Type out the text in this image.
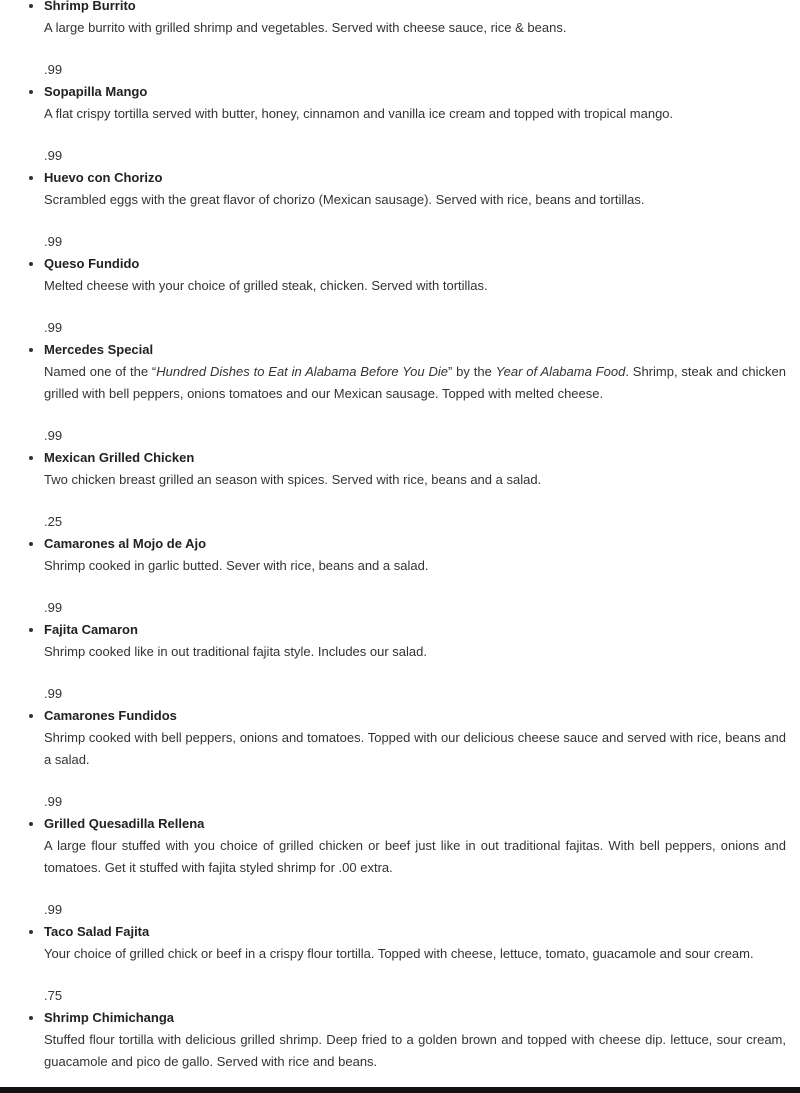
• Shrimp Burrito
A large burrito with grilled shrimp and vegetables. Served with cheese sauce, rice & beans.
.99
• Sopapilla Mango
A flat crispy tortilla served with butter, honey, cinnamon and vanilla ice cream and topped with tropical mango.
.99
• Huevo con Chorizo
Scrambled eggs with the great flavor of chorizo (Mexican sausage). Served with rice, beans and tortillas.
.99
• Queso Fundido
Melted cheese with your choice of grilled steak, chicken. Served with tortillas.
.99
• Mercedes Special
Named one of the “Hundred Dishes to Eat in Alabama Before You Die” by the Year of Alabama Food. Shrimp, steak and chicken grilled with bell peppers, onions tomatoes and our Mexican sausage. Topped with melted cheese.
.99
• Mexican Grilled Chicken
Two chicken breast grilled an season with spices. Served with rice, beans and a salad.
.25
• Camarones al Mojo de Ajo
Shrimp cooked in garlic butted. Sever with rice, beans and a salad.
.99
• Fajita Camaron
Shrimp cooked like in out traditional fajita style. Includes our salad.
.99
• Camarones Fundidos
Shrimp cooked with bell peppers, onions and tomatoes. Topped with our delicious cheese sauce and served with rice, beans and a salad.
.99
• Grilled Quesadilla Rellena
A large flour stuffed with you choice of grilled chicken or beef just like in out traditional fajitas. With bell peppers, onions and tomatoes. Get it stuffed with fajita styled shrimp for .00 extra.
.99
• Taco Salad Fajita
Your choice of grilled chick or beef in a crispy flour tortilla. Topped with cheese, lettuce, tomato, guacamole and sour cream.
.75
• Shrimp Chimichanga
Stuffed flour tortilla with delicious grilled shrimp. Deep fried to a golden brown and topped with cheese dip. lettuce, sour cream, guacamole and pico de gallo. Served with rice and beans.
